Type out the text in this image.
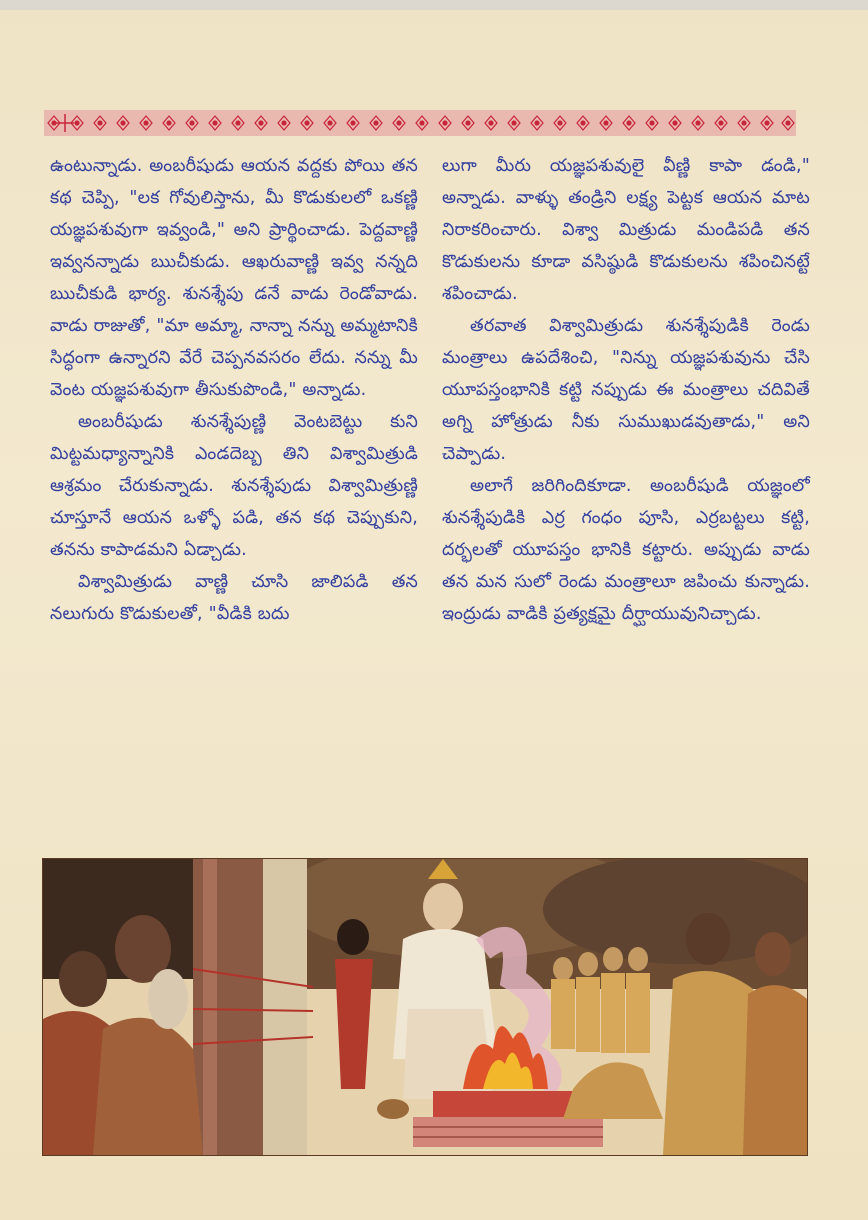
ఉంటున్నాడు. అంబరీషుడు ఆయన వద్దకు పోయి తన కథ చెప్పి, "లక గోవులిస్తాను, మీ కొడుకులలో ఒకణ్ణి యజ్ఞపశువుగా ఇవ్వండి," అని ప్రార్థించాడు. పెద్దవాణ్ణి ఇవ్వనన్నాడు ఋచీకుడు. ఆఖరువాణ్ణి ఇవ్వ నన్నది ఋచీకుడి భార్య. శునశ్శేపు డనే వాడు రెండోవాడు. వాడు రాజుతో, "మా అమ్మా, నాన్నా నన్ను అమ్మటానికి సిద్ధంగా ఉన్నారని వేరే చెప్పనవసరం లేదు. నన్ను మీ వెంట యజ్ఞపశువుగా తీసుకుపొండి," అన్నాడు.

అంబరీషుడు శునశ్శేపుణ్ణి వెంటబెట్టు కుని మిట్టమధ్యాన్నానికి ఎండదెబ్బ తిని విశ్వామిత్రుడి ఆశ్రమం చేరుకున్నాడు. శునశ్శేపుడు విశ్వామిత్రుణ్ణి చూస్తూనే ఆయన ఒళ్ళో పడి, తన కథ చెప్పుకుని, తనను కాపాడమని ఏడ్చాడు.

విశ్వామిత్రుడు వాణ్ణి చూసి జాలిపడి తన నలుగురు కొడుకులతో, "వీడికి బదు

లుగా మీరు యజ్ఞపశువులై వీణ్ణి కాపా డండి," అన్నాడు. వాళ్ళు తండ్రిని లక్ష్య పెట్టక ఆయన మాట నిరాకరించారు. విశ్వా మిత్రుడు మండిపడి తన కొడుకులను కూడా వసిష్ఠుడి కొడుకులను శపించినట్టే శపించాడు.

తరవాత విశ్వామిత్రుడు శునశ్శేపుడికి రెండు మంత్రాలు ఉపదేశించి, "నిన్ను యజ్ఞపశువును చేసి యూపస్తంభానికి కట్టి నప్పుడు ఈ మంత్రాలు చదివితే అగ్ని హోత్రుడు నీకు సుముఖుడవుతాడు," అని చెప్పాడు.

అలాగే జరిగిందికూడా. అంబరీషుడి యజ్ఞంలో శునశ్శేపుడికి ఎర్ర గంధం పూసి, ఎర్రబట్టలు కట్టి, దర్భలతో యూపస్తం భానికి కట్టారు. అప్పుడు వాడు తన మన సులో రెండు మంత్రాలూ జపించు కున్నాడు. ఇంద్రుడు వాడికి ప్రత్యక్షమై దీర్ఘాయువునిచ్చాడు.
